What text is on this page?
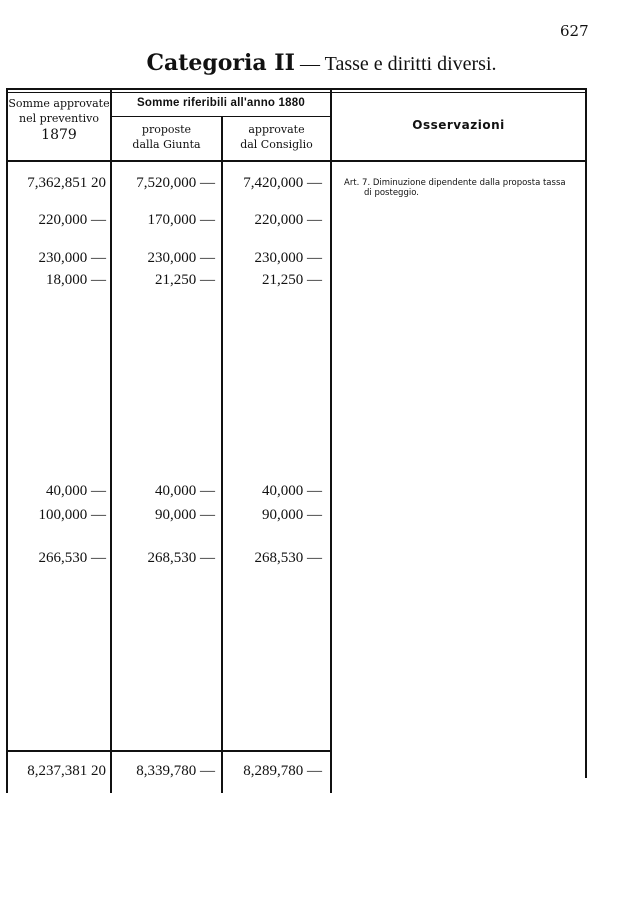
627
Categoria II — Tasse e diritti diversi.
Somme approvate
nel preventivo
1879
Somme riferibili all'anno 1880
proposte
dalla Giunta
approvate
dal Consiglio
Osservazioni
7,362,851 20 7,520,000 — 7,420,000 —
220,000 —	170,000 —	220,000 —
230,000 —	230,000 —	230,000 —
18,000 —	21,250 —	21,250 —
40,000 —	40,000 —	40,000 —
100,000 —	90,000 —	90,000 —
266,530 —	268,530 —	268,530 —
8,237,381 20 8,339,780 — 8,289,780 —
Art. 7. Diminuzione dipendente dalla proposta tassa
di posteggio.
